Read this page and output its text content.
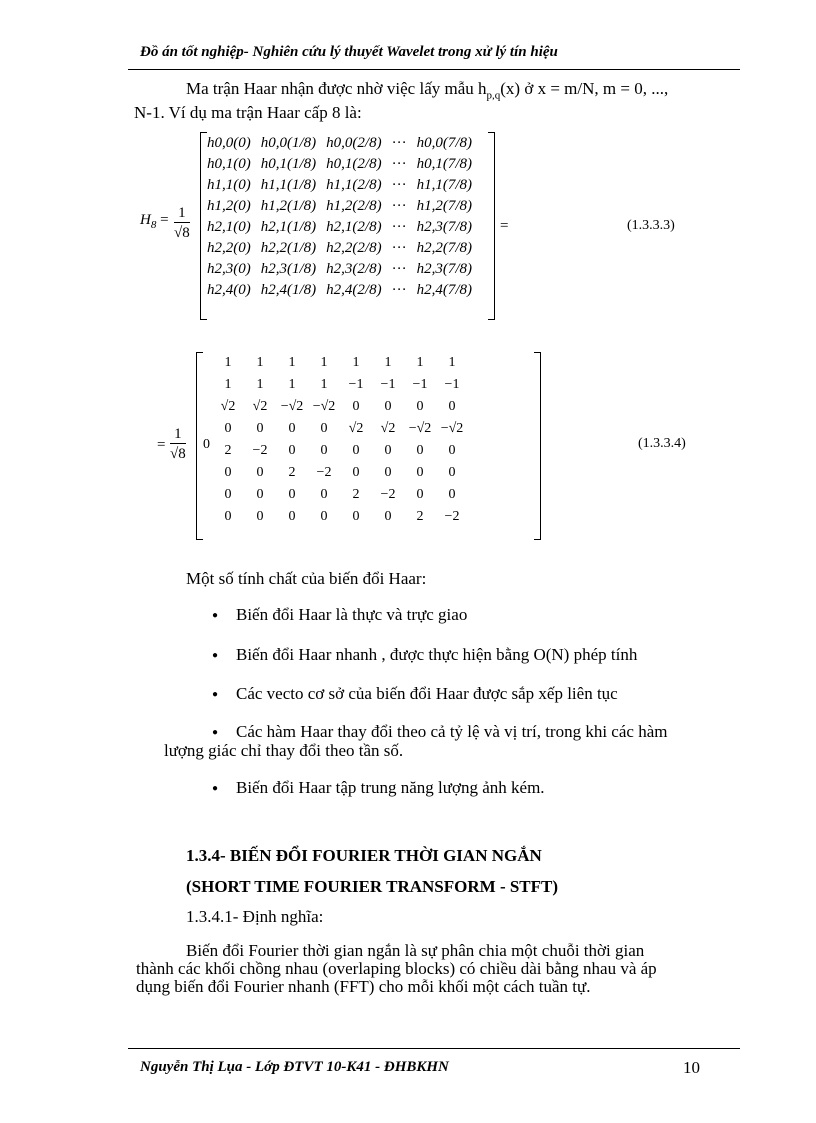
Đồ án tốt nghiệp- Nghiên cứu lý thuyết Wavelet trong xử lý tín hiệu
Ma trận Haar nhận được nhờ việc lấy mẫu $h_{p,q}(x)$ ở x = m/N, m = 0, ...,
N-1. Ví dụ ma trận Haar cấp 8 là:
$H_8 = \frac{1}{√8}$
h0,0(0)	h0,0(1/8)	h0,0(2/8)	···	h0,0(7/8)
h0,1(0)	h0,1(1/8)	h0,1(2/8)	···	h0,1(7/8)
h1,1(0)	h1,1(1/8)	h1,1(2/8)	···	h1,1(7/8)
h1,2(0)	h1,2(1/8)	h1,2(2/8)	···	h1,2(7/8)
h2,1(0)	h2,1(1/8)	h2,1(2/8)	···	h2,3(7/8)
h2,2(0)	h2,2(1/8)	h2,2(2/8)	···	h2,2(7/8)
h2,3(0)	h2,3(1/8)	h2,3(2/8)	···	h2,3(7/8)
h2,4(0)	h2,4(1/8)	h2,4(2/8)	···	h2,4(7/8)
=	(1.3.3.3)
= $\frac{1}{√8} 0$
1	1	1	1	1	1	1	1
1	1	1	1	−1	−1	−1	−1
√2	√2	−√2	−√2	0	0	0	0
0	0	0	0	√2	√2	−√2	−√2
2	−2	0	0	0	0	0	0
0	0	2	−2	0	0	0	0
0	0	0	0	2	−2	0	0
0	0	0	0	0	0	2	−2
(1.3.3.4)
Một số tính chất của biến đổi Haar:
● Biến đổi Haar là thực và trực giao
● Biến đổi Haar nhanh , được thực hiện bằng O(N) phép tính
● Các vecto cơ sở của biến đổi Haar được sắp xếp liên tục
● Các hàm Haar thay đổi theo cả tỷ lệ và vị trí, trong khi các hàm
lượng giác chỉ thay đổi theo tần số.
● Biến đổi Haar tập trung năng lượng ảnh kém.
1.3.4- BIẾN ĐỔI FOURIER THỜI GIAN NGẮN
(SHORT TIME FOURIER TRANSFORM - STFT)
1.3.4.1- Định nghĩa:
Biến đổi Fourier thời gian ngắn là sự phân chia một chuỗi thời gian
thành các khối chồng nhau (overlaping blocks) có chiều dài bằng nhau và áp
dụng biến đổi Fourier nhanh (FFT) cho mỗi khối một cách tuần tự.
Nguyễn Thị Lụa - Lớp ĐTVT 10-K41 - ĐHBKHN	10
